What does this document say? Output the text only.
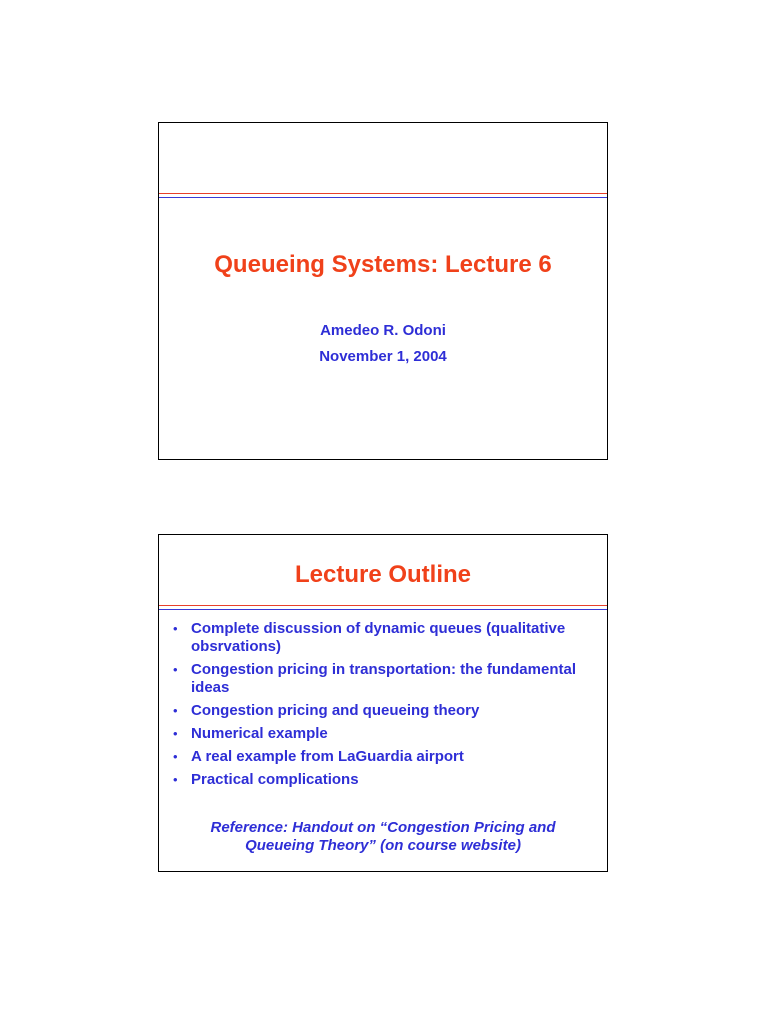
Queueing Systems: Lecture 6
Amedeo R. Odoni
November 1, 2004
Lecture Outline
• Complete discussion of dynamic queues (qualitative obsrvations)
• Congestion pricing in transportation: the fundamental ideas
• Congestion pricing and queueing theory
• Numerical example
• A real example from LaGuardia airport
• Practical complications
Reference: Handout on “Congestion Pricing and Queueing Theory” (on course website)
